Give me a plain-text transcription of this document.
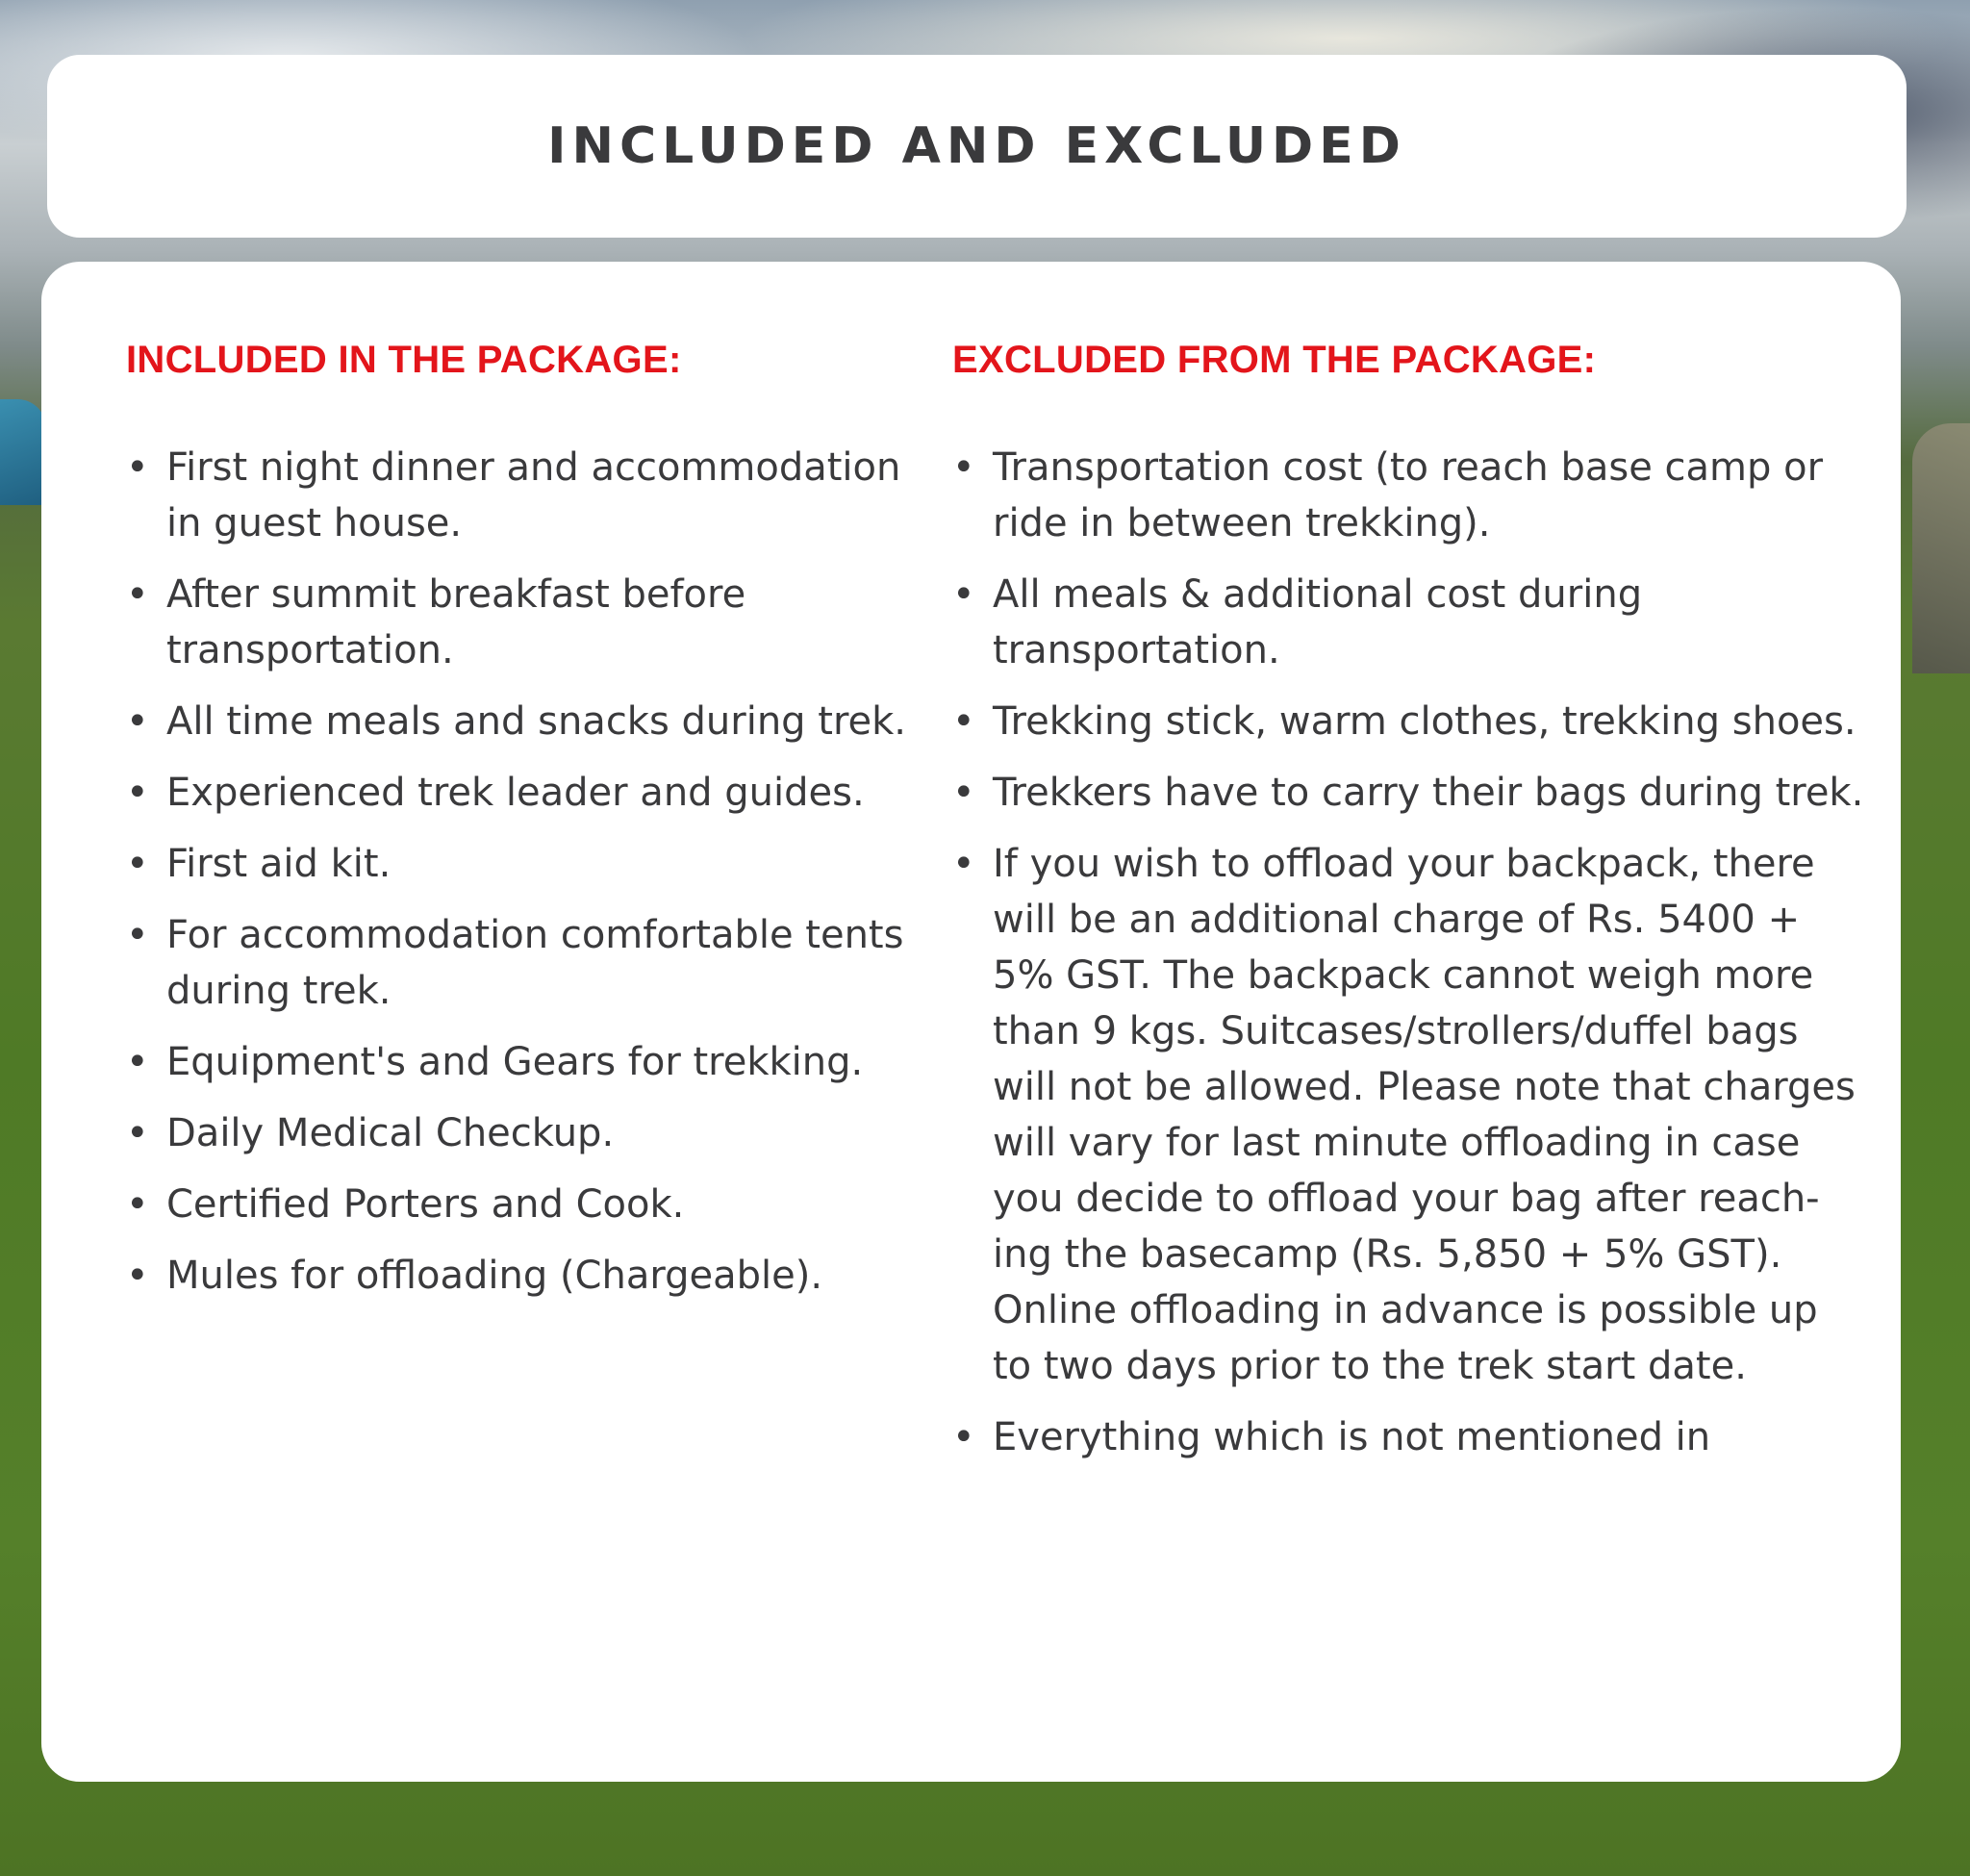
INCLUDED AND EXCLUDED
INCLUDED IN THE PACKAGE:
• First night dinner and accommodation in guest house.
• After summit breakfast before transportation.
• All time meals and snacks during trek.
• Experienced trek leader and guides.
• First aid kit.
• For accommodation comfortable tents during trek.
• Equipment's and Gears for trekking.
• Daily Medical Checkup.
• Certified Porters and Cook.
• Mules for offloading (Chargeable).
EXCLUDED FROM THE PACKAGE:
• Transportation cost (to reach base camp or ride in between trekking).
• All meals & additional cost during transportation.
• Trekking stick, warm clothes, trekking shoes.
• Trekkers have to carry their bags during trek.
• If you wish to offload your backpack, there will be an additional charge of Rs. 5400 + 5% GST. The backpack cannot weigh more than 9 kgs. Suitcases/strollers/duffel bags will not be allowed. Please note that charges will vary for last minute offloading in case you decide to offload your bag after reach-ing the basecamp (Rs. 5,850 + 5% GST). Online offloading in advance is possible up to two days prior to the trek start date.
• Everything which is not mentioned in
